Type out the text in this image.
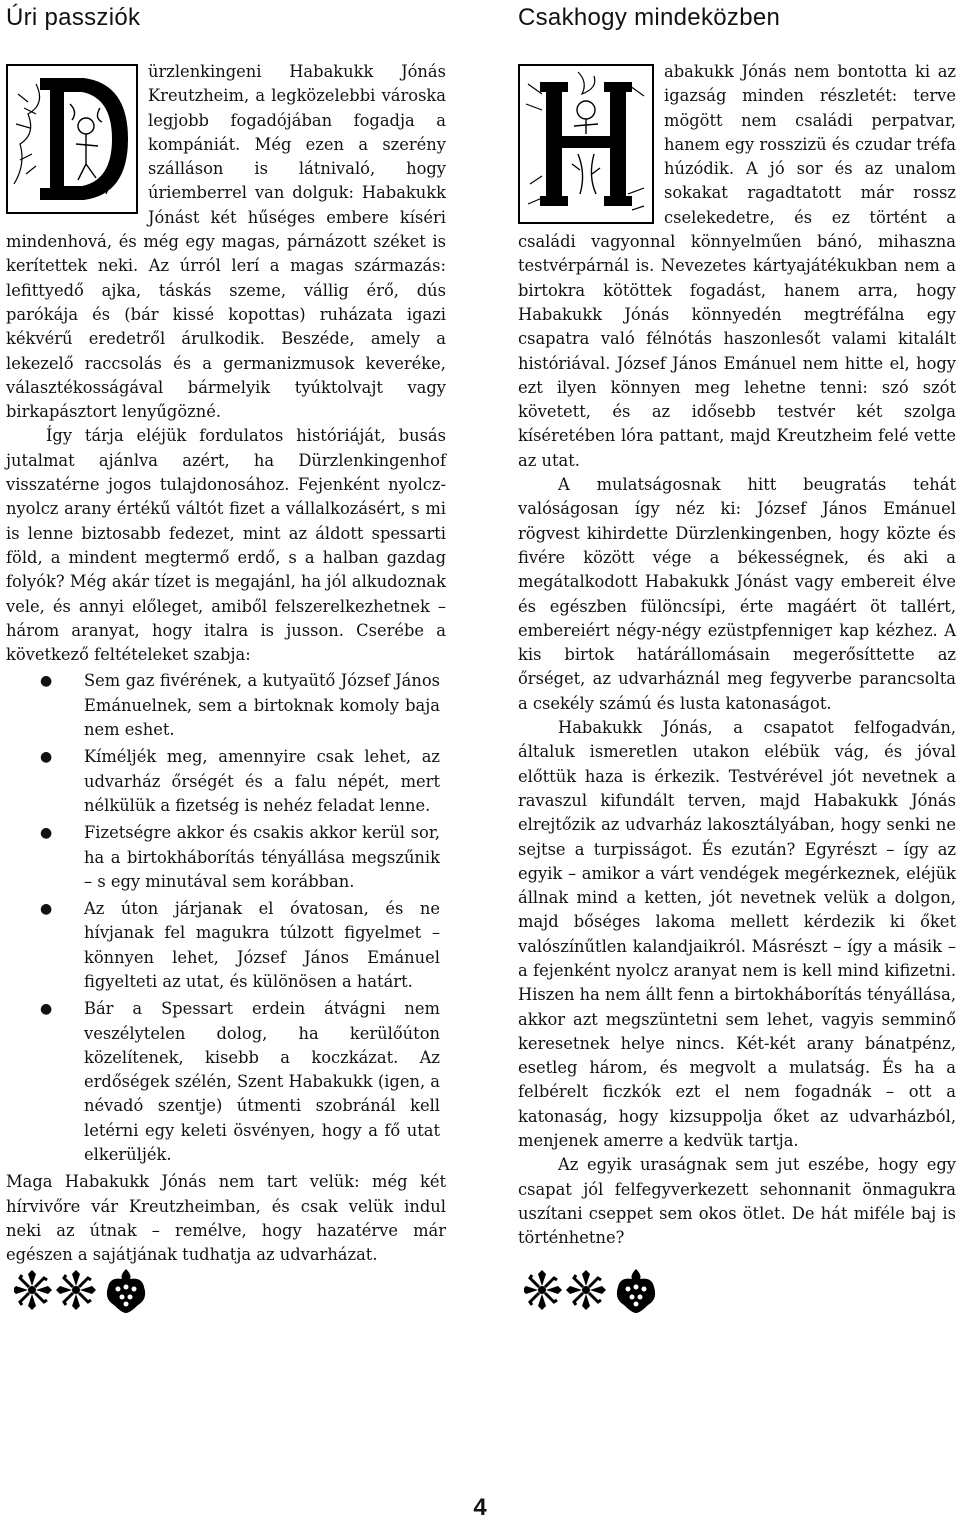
Úri passziók

ürzlenkingeni Habakukk Jónás Kreutzheim, a legközelebbi városka legjobb fogadójában fogadja a kompániát. Még ezen a szerény szálláson is látnivaló, hogy úriemberrel van dolguk: Habakukk Jónást két hűséges embere kíséri mindenhová, és még egy magas, párnázott széket is kerítettek neki. Az úrról lerí a magas származás: lefittyedő ajka, táskás szeme, vállig érő, dús parókája és (bár kissé kopottas) ruházata igazi kékvérű eredetről árulkodik. Beszéde, amely a lekezelő raccsolás és a germanizmusok keveréke, választékosságával bármelyik tyúktolvajt vagy birkapásztort lenyűgözné.

Így tárja eléjük fordulatos históriáját, busás jutalmat ajánlva azért, ha Dürzlenkingenhof visszatérne jogos tulajdonosához. Fejenként nyolcz-nyolcz arany értékű váltót fizet a vállalkozásért, s mi is lenne biztosabb fedezet, mint az áldott spessarti föld, a mindent megtermő erdő, s a halban gazdag folyók? Még akár tízet is megajánl, ha jól alkudoznak vele, és annyi előleget, amiből felszerelkezhetnek – három aranyat, hogy italra is jusson. Cserébe a következő feltételeket szabja:

● Sem gaz fivérének, a kutyaütő József János Emánuelnek, sem a birtoknak komoly baja nem eshet.
● Kíméljék meg, amennyire csak lehet, az udvarház őrségét és a falu népét, mert nélkülük a fizetség is nehéz feladat lenne.
● Fizetségre akkor és csakis akkor kerül sor, ha a birtokháborítás tényállása megszűnik – s egy minutával sem korábban.
● Az úton járjanak el óvatosan, és ne hívjanak fel magukra túlzott figyelmet – könnyen lehet, József János Emánuel figyelteti az utat, és különösen a határt.
● Bár a Spessart erdein átvágni nem veszélytelen dolog, ha kerülőúton közelítenek, kisebb a koczkázat. Az erdőségek szélén, Szent Habakukk (igen, a névadó szentje) útmenti szobránál kell letérni egy keleti ösvényen, hogy a fő utat elkerüljék.

Maga Habakukk Jónás nem tart velük: még két hírvivőre vár Kreutzheimban, és csak velük indul neki az útnak – remélve, hogy hazatérve már egészen a sajátjának tudhatja az udvarházat.

Csakhogy mindeközben

abakukk Jónás nem bontotta ki az igazság minden részletét: terve mögött nem családi perpatvar, hanem egy rosszizü és czudar tréfa húzódik. A jó sor és az unalom sokakat ragadtatott már rossz cselekedetre, és ez történt a családi vagyonnal könnyelműen bánó, mihaszna testvérpárnál is. Nevezetes kártyajátékukban nem a birtokra kötöttek fogadást, hanem arra, hogy Habakukk Jónás könnyedén megtréfálna egy csapatra való félnótás haszonlesőt valami kitalált históriával. József János Emánuel nem hitte el, hogy ezt ilyen könnyen meg lehetne tenni: szó szót követett, és az idősebb testvér két szolga kíséretében lóra pattant, majd Kreutzheim felé vette az utat.

A mulatságosnak hitt beugratás tehát valóságosan így néz ki: József János Emánuel rögvest kihirdette Dürzlenkingenben, hogy közte és fivére között vége a békességnek, és aki a megátalkodott Habakukk Jónást vagy embereit élve és egészben fülöncsípi, érte magáért öt tallért, embereiért négy-négy ezüstpfennigeт kap kézhez. A kis birtok határállomásain megerősíttette az őrséget, az udvarháznál meg fegyverbe parancsolta a csekély számú és lusta katonaságot.

Habakukk Jónás, a csapatot felfogadván, általuk ismeretlen utakon elébük vág, és jóval előttük haza is érkezik. Testvérével jót nevetnek a ravaszul kifundált terven, majd Habakukk Jónás elrejtőzik az udvarház lakosztályában, hogy senki ne sejtse a turpisságot. És ezután? Egyrészt – így az egyik – amikor a várt vendégek megérkeznek, eléjük állnak mind a ketten, jót nevetnek velük a dolgon, majd bőséges lakoma mellett kérdezik ki őket valószínűtlen kalandjaikról. Másrészt – így a másik – a fejenként nyolcz aranyat nem is kell mind kifizetni. Hiszen ha nem állt fenn a birtokháborítás tényállása, akkor azt megszüntetni sem lehet, vagyis semminő keresetnek helye nincs. Két-két arany bánatpénz, esetleg három, és megvolt a mulatság. És ha a felbérelt ficzkók ezt el nem fogadnák – ott a katonaság, hogy kizsuppolja őket az udvarházból, menjenek amerre a kedvük tartja.

Az egyik uraságnak sem jut eszébe, hogy egy csapat jól felfegyverkezett sehonnanit önmagukra uszítani cseppet sem okos ötlet. De hát miféle baj is történhetne?

4
